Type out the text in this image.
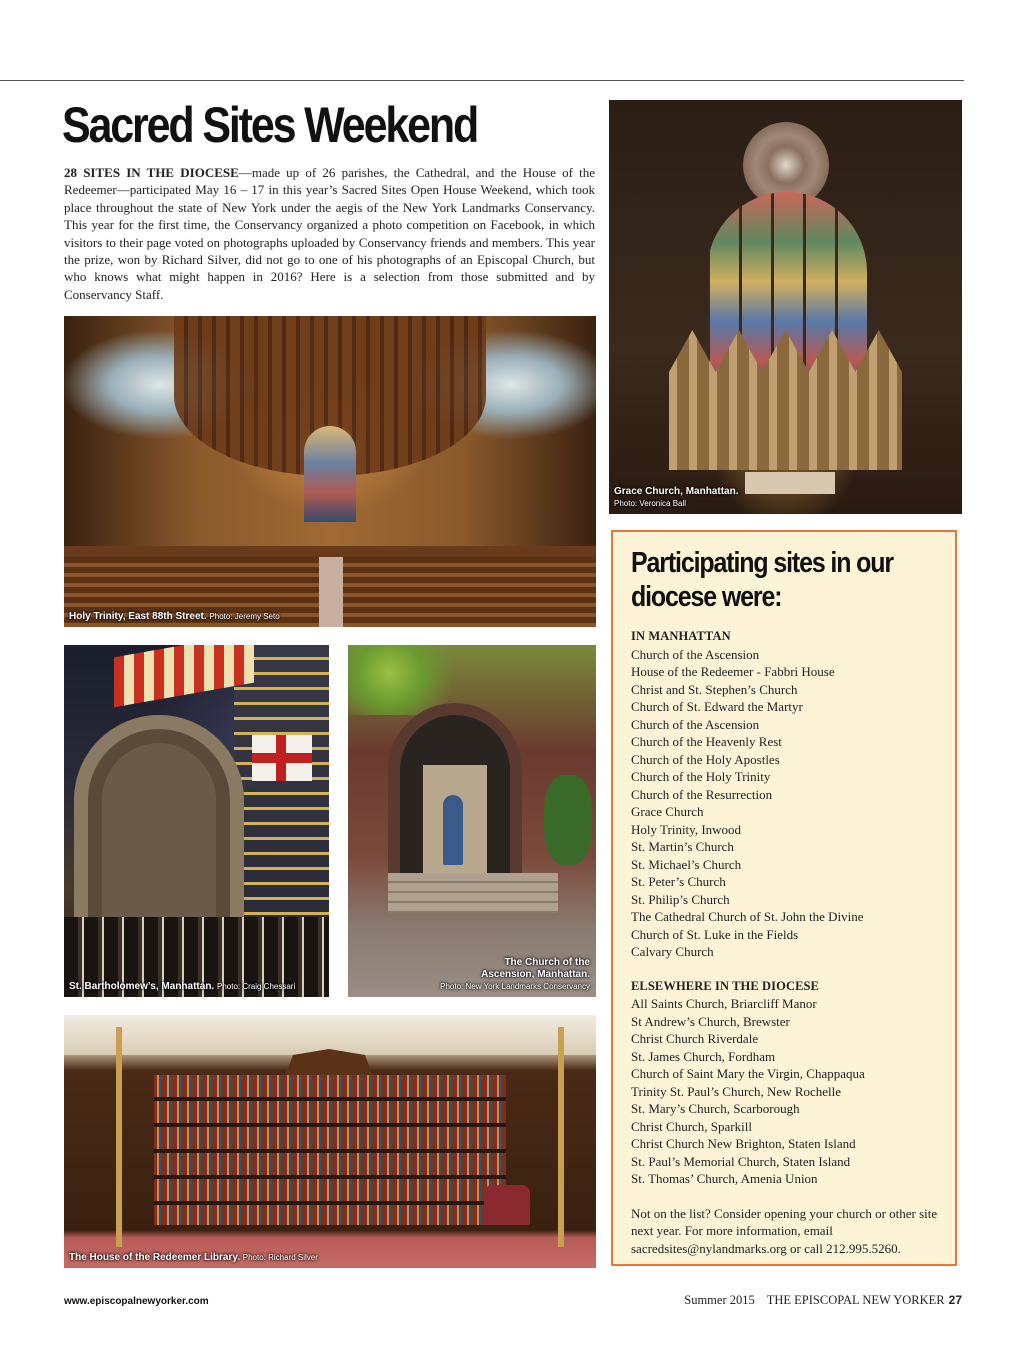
Sacred Sites Weekend

28 SITES IN THE DIOCESE—made up of 26 parishes, the Cathedral, and the House of the Redeemer—participated May 16 – 17 in this year’s Sacred Sites Open House Weekend, which took place throughout the state of New York under the aegis of the New York Landmarks Conservancy. This year for the first time, the Conservancy organized a photo competition on Facebook, in which visitors to their page voted on photographs uploaded by Conservancy friends and members. This year the prize, won by Richard Silver, did not go to one of his photographs of an Episcopal Church, but who knows what might happen in 2016? Here is a selection from those submitted and by Conservancy Staff.

Holy Trinity, East 88th Street. Photo: Jeremy Seto
Grace Church, Manhattan.
Photo: Veronica Ball
St. Bartholomew’s, Manhattan. Photo: Craig Chessari
The Church of the
Ascension, Manhattan.
Photo: New York Landmarks Conservancy
The House of the Redeemer Library. Photo: Richard Silver
Participating sites in our diocese were:
IN MANHATTAN
Church of the Ascension
House of the Redeemer - Fabbri House
Christ and St. Stephen’s Church
Church of St. Edward the Martyr
Church of the Ascension
Church of the Heavenly Rest
Church of the Holy Apostles
Church of the Holy Trinity
Church of the Resurrection
Grace Church
Holy Trinity, Inwood
St. Martin’s Church
St. Michael’s Church
St. Peter’s Church
St. Philip’s Church
The Cathedral Church of St. John the Divine
Church of St. Luke in the Fields
Calvary Church
ELSEWHERE IN THE DIOCESE
All Saints Church, Briarcliff Manor
St Andrew’s Church, Brewster
Christ Church Riverdale
St. James Church, Fordham
Church of Saint Mary the Virgin, Chappaqua
Trinity St. Paul’s Church, New Rochelle
St. Mary’s Church, Scarborough
Christ Church, Sparkill
Christ Church New Brighton, Staten Island
St. Paul’s Memorial Church, Staten Island
St. Thomas’ Church, Amenia Union

Not on the list? Consider opening your church or other site next year. For more information, email sacredsites@nylandmarks.org or call 212.995.5260.

www.episcopalnewyorker.com	Summer 2015 THE EPISCOPAL NEW YORKER 27
